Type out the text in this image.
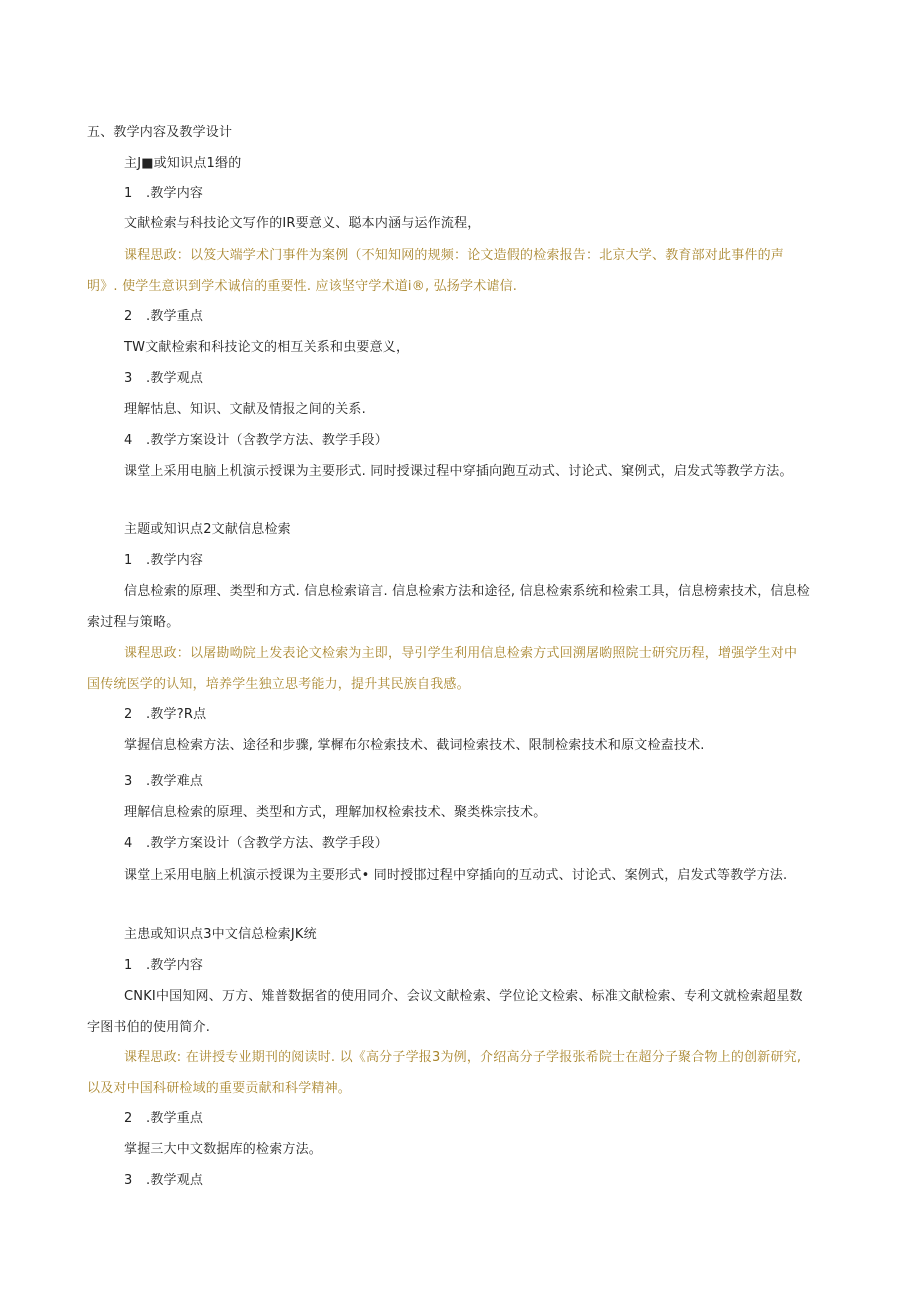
五、教学内容及教学设计
主J■或知识点1缗的
1 .教学内容
文献检索与科技论文写作的IR要意义、聪本内涵与运作流程，
课程思政：以笈大端学术门事件为案例（不知知网的规频：论文造假的检索报告：北京大学、教育部对此事件的声
明》. 使学生意识到学术诚信的重要性. 应该坚守学术道i®, 弘扬学术谑信.
2 .教学重点
TW文献检索和科技论文的相互关系和虫要意义，
3 .教学观点
理解怙息、知识、文献及情报之间的关系.
4 .教学方案设计（含教学方法、教学手段）
课堂上采用电脑上机演示授课为主要形式. 同时授课过程中穿插向跑互动式、讨论式、窠例式，启发式等教学方法。
主题或知识点2文献信息检索
1 .教学内容
信息检索的原理、类型和方式. 信息检索谙言. 信息检索方法和途径, 信息检索系统和检索工具，信息榜索技术，信息检
索过程与策略。
课程思政：以屠勘呦院上发表论文检索为主即，导引学生利用信息检索方式回溯屠喲照院士研究历程，增强学生对中
国传统医学的认知，培养学生独立思考能力，提升其民族自我感。
2 .教学?R点
掌握信息检索方法、途径和步骤, 掌樨布尔检索技术、截词检索技术、限制检索技术和原文检盍技术.
3 .教学难点
理解信息检索的原理、类型和方式，理解加权检索技术、聚类株宗技术。
4 .教学方案设计（含教学方法、教学手段）
课堂上采用电脑上机演示授课为主要形式• 同时授邯过程中穿插向的互动式、讨论式、案例式，启发式等教学方法.
主患或知识点3中文信总检索JK统
1 .教学内容
CNKI中国知网、万方、雉普数据省的使用同介、会议文献检索、学位论文检索、标准文献检索、专利文就检索超星数
字图书伯的使用简介.
课程思政: 在讲授专业期刊的阅读时. 以《高分子学报3为例，介绍高分子学报张希院士在超分子聚合物上的创新研究,
以及对中国科研检域的重要贡献和科学精神。
2 .教学重点
掌握三大中文数据库的检索方法。
3 .教学观点
